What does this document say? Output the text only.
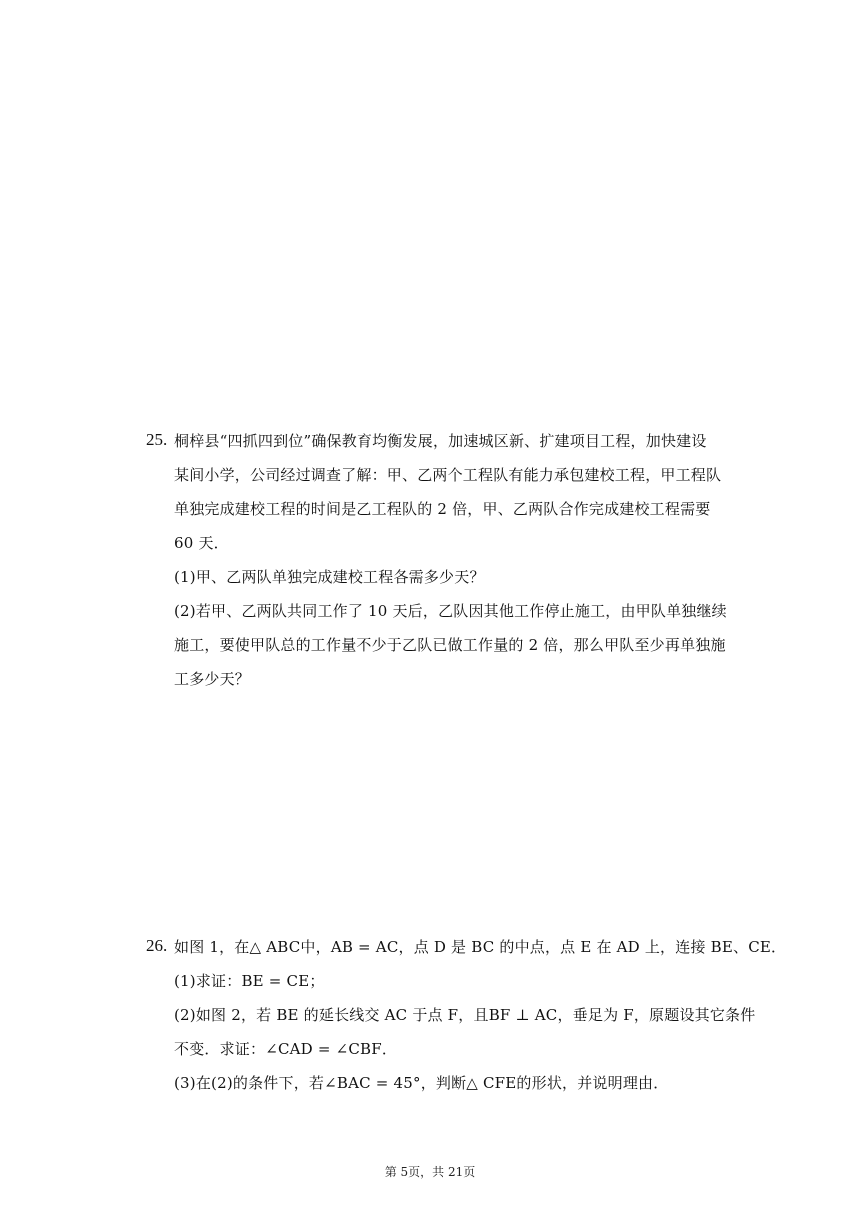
25. 桐梓县“四抓四到位”确保教育均衡发展，加速城区新、扩建项目工程，加快建设
某间小学，公司经过调查了解：甲、乙两个工程队有能力承包建校工程，甲工程队
单独完成建校工程的时间是乙工程队的 2 倍，甲、乙两队合作完成建校工程需要
60 天．
(1)甲、乙两队单独完成建校工程各需多少天？
(2)若甲、乙两队共同工作了 10 天后，乙队因其他工作停止施工，由甲队单独继续
施工，要使甲队总的工作量不少于乙队已做工作量的 2 倍，那么甲队至少再单独施
工多少天？
26. 如图 1，在△ ABC中，AB = AC，点 D 是 BC 的中点，点 E 在 AD 上，连接 BE、CE．
(1)求证：BE = CE；
(2)如图 2，若 BE 的延长线交 AC 于点 F，且BF ⊥ AC，垂足为 F，原题设其它条件
不变．求证：∠CAD = ∠CBF．
(3)在(2)的条件下，若∠BAC = 45°，判断△ CFE的形状，并说明理由．
第 5页，共 21页
